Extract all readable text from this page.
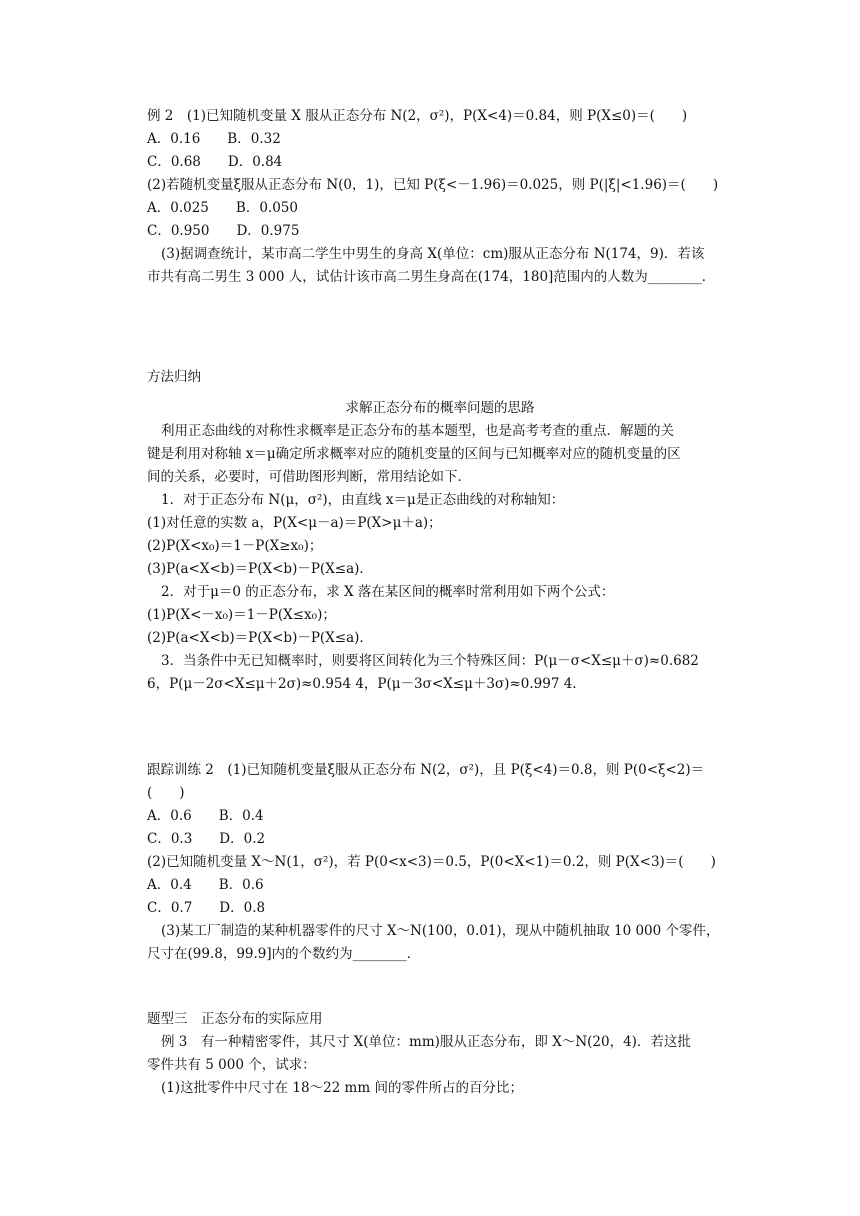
例 2　(1)已知随机变量 X 服从正态分布 N(2，σ²)，P(X<4)＝0.84，则 P(X≤0)＝(　　)
A．0.16　　B．0.32
C．0.68　　D．0.84
(2)若随机变量ξ服从正态分布 N(0，1)，已知 P(ξ<－1.96)＝0.025，则 P(|ξ|<1.96)＝(　　)
A．0.025　　B．0.050
C．0.950　　D．0.975
(3)据调查统计，某市高二学生中男生的身高 X(单位：cm)服从正态分布 N(174，9)．若该
市共有高二男生 3 000 人，试估计该市高二男生身高在(174，180]范围内的人数为________．
方法归纳
求解正态分布的概率问题的思路
利用正态曲线的对称性求概率是正态分布的基本题型，也是高考考查的重点．解题的关
键是利用对称轴 x＝μ确定所求概率对应的随机变量的区间与已知概率对应的随机变量的区
间的关系，必要时，可借助图形判断，常用结论如下．
1．对于正态分布 N(μ，σ²)，由直线 x＝μ是正态曲线的对称轴知：
(1)对任意的实数 a，P(X<μ－a)＝P(X>μ＋a)；
(2)P(X<x₀)＝1－P(X≥x₀)；
(3)P(a<X<b)＝P(X<b)－P(X≤a)．
2．对于μ＝0 的正态分布，求 X 落在某区间的概率时常利用如下两个公式：
(1)P(X<－x₀)＝1－P(X≤x₀)；
(2)P(a<X<b)＝P(X<b)－P(X≤a)．
3．当条件中无已知概率时，则要将区间转化为三个特殊区间：P(μ－σ<X≤μ＋σ)≈0.682
6，P(μ－2σ<X≤μ＋2σ)≈0.954 4，P(μ－3σ<X≤μ＋3σ)≈0.997 4.
跟踪训练 2　(1)已知随机变量ξ服从正态分布 N(2，σ²)，且 P(ξ<4)＝0.8，则 P(0<ξ<2)＝
(　　)
A．0.6　　B．0.4
C．0.3　　D．0.2
(2)已知随机变量 X～N(1，σ²)，若 P(0<x<3)＝0.5，P(0<X<1)＝0.2，则 P(X<3)＝(　　)
A．0.4　　B．0.6
C．0.7　　D．0.8
(3)某工厂制造的某种机器零件的尺寸 X～N(100，0.01)，现从中随机抽取 10 000 个零件，
尺寸在(99.8，99.9]内的个数约为________．
题型三　正态分布的实际应用
例 3　有一种精密零件，其尺寸 X(单位：mm)服从正态分布，即 X～N(20，4)．若这批
零件共有 5 000 个，试求：
(1)这批零件中尺寸在 18～22 mm 间的零件所占的百分比；
